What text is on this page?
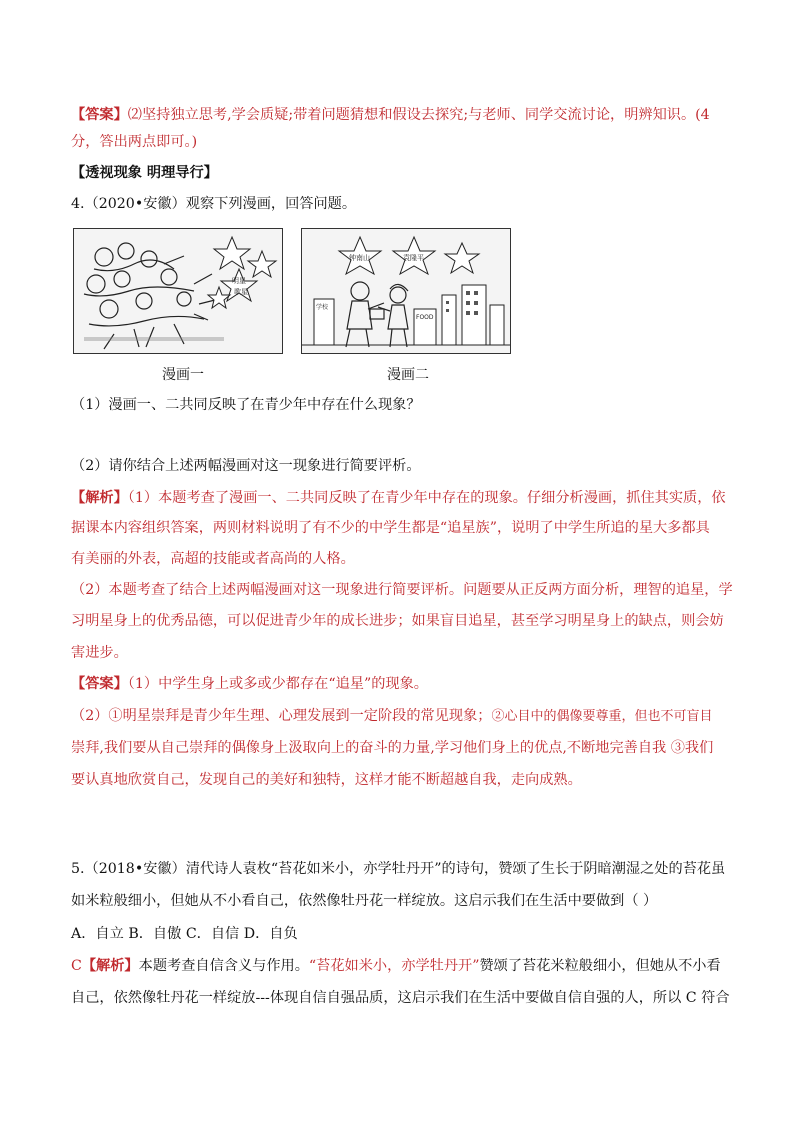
【答案】⑵坚持独立思考,学会质疑;带着问题猜想和假设去探究;与老师、同学交流讨论，明辨知识。(4
分，答出两点即可。)
【透视现象 明理导行】
4.（2020•安徽）观察下列漫画，回答问题。
明星
歌星
漫画一
钟南山	袁隆平
学校
FOOD
漫画二
（1）漫画一、二共同反映了在青少年中存在什么现象？
（2）请你结合上述两幅漫画对这一现象进行简要评析。
【解析】（1）本题考查了漫画一、二共同反映了在青少年中存在的现象。仔细分析漫画，抓住其实质，依
据课本内容组织答案，两则材料说明了有不少的中学生都是“追星族”，说明了中学生所追的星大多都具
有美丽的外表，高超的技能或者高尚的人格。
（2）本题考查了结合上述两幅漫画对这一现象进行简要评析。问题要从正反两方面分析，理智的追星，学
习明星身上的优秀品德，可以促进青少年的成长进步；如果盲目追星，甚至学习明星身上的缺点，则会妨
害进步。
【答案】（1）中学生身上或多或少都存在“追星”的现象。
（2）①明星崇拜是青少年生理、心理发展到一定阶段的常见现象；②心目中的偶像要尊重，但也不可盲目
崇拜,我们要从自己崇拜的偶像身上汲取向上的奋斗的力量,学习他们身上的优点,不断地完善自我 ③我们
要认真地欣赏自己，发现自己的美好和独特，这样才能不断超越自我，走向成熟。
5.（2018•安徽）清代诗人袁枚“苔花如米小，亦学牡丹开”的诗句，赞颂了生长于阴暗潮湿之处的苔花虽
如米粒般细小，但她从不小看自己，依然像牡丹花一样绽放。这启示我们在生活中要做到（ ）
A．自立 B．自傲 C．自信 D．自负
C【解析】本题考查自信含义与作用。“苔花如米小，亦学牡丹开”赞颂了苔花米粒般细小，但她从不小看
自己，依然像牡丹花一样绽放---体现自信自强品质，这启示我们在生活中要做自信自强的人，所以 C 符合
